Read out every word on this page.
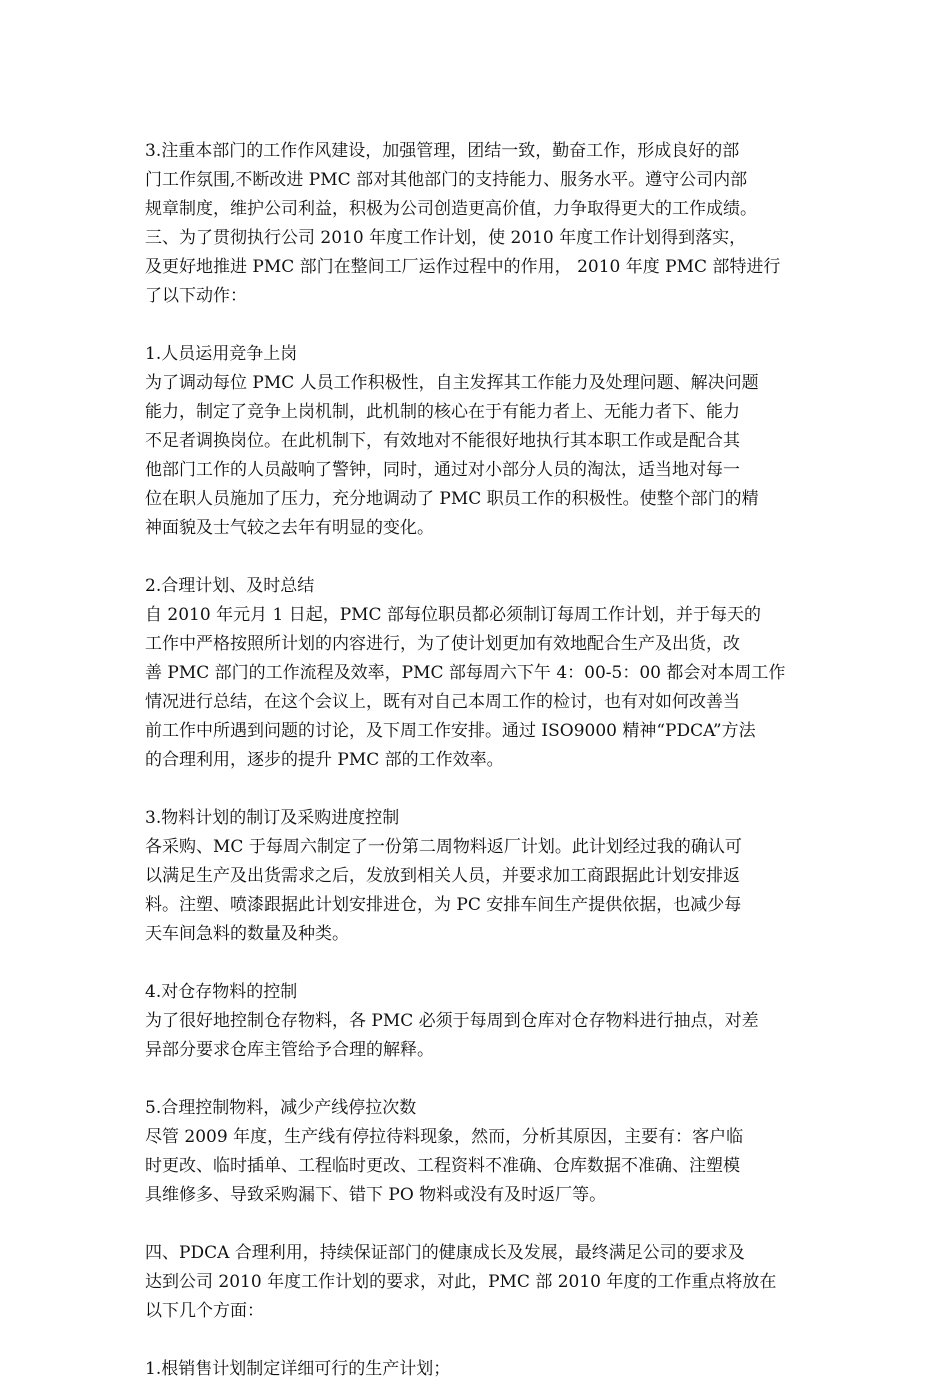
3.注重本部门的工作作风建设，加强管理，团结一致，勤奋工作，形成良好的部
门工作氛围,不断改进 PMC 部对其他部门的支持能力、服务水平。遵守公司内部
规章制度，维护公司利益，积极为公司创造更高价值，力争取得更大的工作成绩。
三、为了贯彻执行公司 2010 年度工作计划，使 2010 年度工作计划得到落实，
及更好地推进 PMC 部门在整间工厂运作过程中的作用， 2010 年度 PMC 部特进行
了以下动作：
1.人员运用竞争上岗
为了调动每位 PMC 人员工作积极性，自主发挥其工作能力及处理问题、解决问题
能力，制定了竞争上岗机制，此机制的核心在于有能力者上、无能力者下、能力
不足者调换岗位。在此机制下，有效地对不能很好地执行其本职工作或是配合其
他部门工作的人员敲响了警钟，同时，通过对小部分人员的淘汰，适当地对每一
位在职人员施加了压力，充分地调动了 PMC 职员工作的积极性。使整个部门的精
神面貌及士气较之去年有明显的变化。
2.合理计划、及时总结
自 2010 年元月 1 日起，PMC 部每位职员都必须制订每周工作计划，并于每天的
工作中严格按照所计划的内容进行，为了使计划更加有效地配合生产及出货，改
善 PMC 部门的工作流程及效率，PMC 部每周六下午 4：00-5：00 都会对本周工作
情况进行总结，在这个会议上，既有对自己本周工作的检讨，也有对如何改善当
前工作中所遇到问题的讨论，及下周工作安排。通过 ISO9000 精神“PDCA”方法
的合理利用，逐步的提升 PMC 部的工作效率。
3.物料计划的制订及采购进度控制
各采购、MC 于每周六制定了一份第二周物料返厂计划。此计划经过我的确认可
以满足生产及出货需求之后，发放到相关人员，并要求加工商跟据此计划安排返
料。注塑、喷漆跟据此计划安排进仓，为 PC 安排车间生产提供依据，也减少每
天车间急料的数量及种类。
4.对仓存物料的控制
为了很好地控制仓存物料，各 PMC 必须于每周到仓库对仓存物料进行抽点，对差
异部分要求仓库主管给予合理的解释。
5.合理控制物料，减少产线停拉次数
尽管 2009 年度，生产线有停拉待料现象，然而，分析其原因，主要有：客户临
时更改、临时插单、工程临时更改、工程资料不准确、仓库数据不准确、注塑模
具维修多、导致采购漏下、错下 PO 物料或没有及时返厂等。
四、PDCA 合理利用，持续保证部门的健康成长及发展，最终满足公司的要求及
达到公司 2010 年度工作计划的要求，对此，PMC 部 2010 年度的工作重点将放在
以下几个方面：
1.根销售计划制定详细可行的生产计划；
